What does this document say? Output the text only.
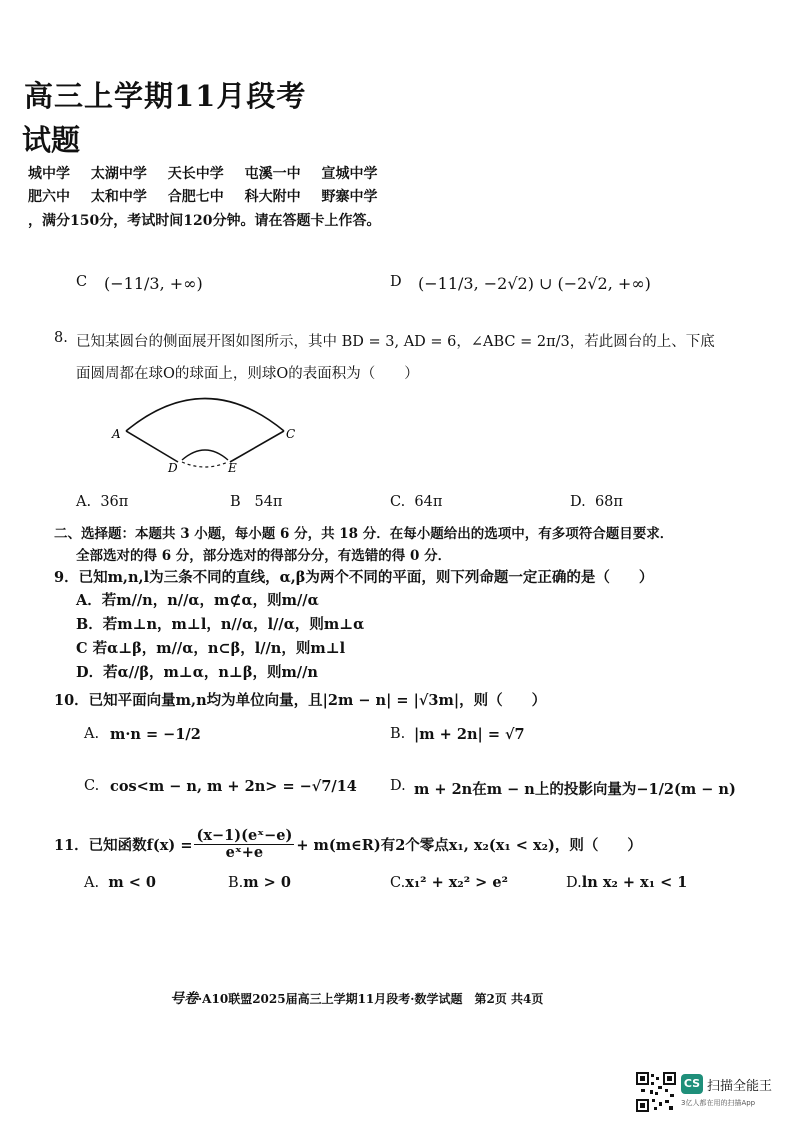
高三上学期11月段考
试题
城中学 太湖中学 天长中学 屯溪一中 宣城中学
肥六中 太和中学 合肥七中 科大附中 野寨中学
，满分150分，考试时间120分钟。请在答题卡上作答。
C (−11/3, +∞)	D (−11/3, −2√2) ∪ (−2√2, +∞)
8. 已知某圆台的侧面展开图如图所示，其中 BD = 3, AD = 6，∠ABC = 2π/3，若此圆台的上、下底
面圆周都在球O的球面上，则球O的表面积为（　　）
A	C
D	E
A. 36π	B 54π	C. 64π	D. 68π
二、选择题：本题共 3 小题，每小题 6 分，共 18 分．在每小题给出的选项中，有多项符合题目要求．
全部选对的得 6 分，部分选对的得部分分，有选错的得 0 分．
9．已知m,n,l为三条不同的直线，α,β为两个不同的平面，则下列命题一定正确的是（　　）
A．若m//n，n//α，m⊄α，则m//α
B．若m⊥n，m⊥l，n//α，l//α，则m⊥α
C 若α⊥β，m//α，n⊂β，l//n，则m⊥l
D．若α//β，m⊥α，n⊥β，则m//n
10．已知平面向量m,n均为单位向量，且|2m − n| = |√3m|，则（　　）
A. m·n = −1/2	B. |m + 2n| = √7
C. cos<m − n, m + 2n> = −√7/14 D. m + 2n在m − n上的投影向量为−1/2(m − n)
11．已知函数$f(x) = \frac{\text{(x−1)(eˣ−e)}}{\text{eˣ+e}}$ + m(m∈R)有2个零点x₁, x₂(x₁ < x₂)，则（　　）
A. m < 0	B.m > 0	C.x₁² + x₂² > e²	D.ln x₂ + x₁ < 1
号卷·A10联盟2025届高三上学期11月段考·数学试题　第2页 共4页
CS 扫描全能王
3亿人都在用的扫描App
